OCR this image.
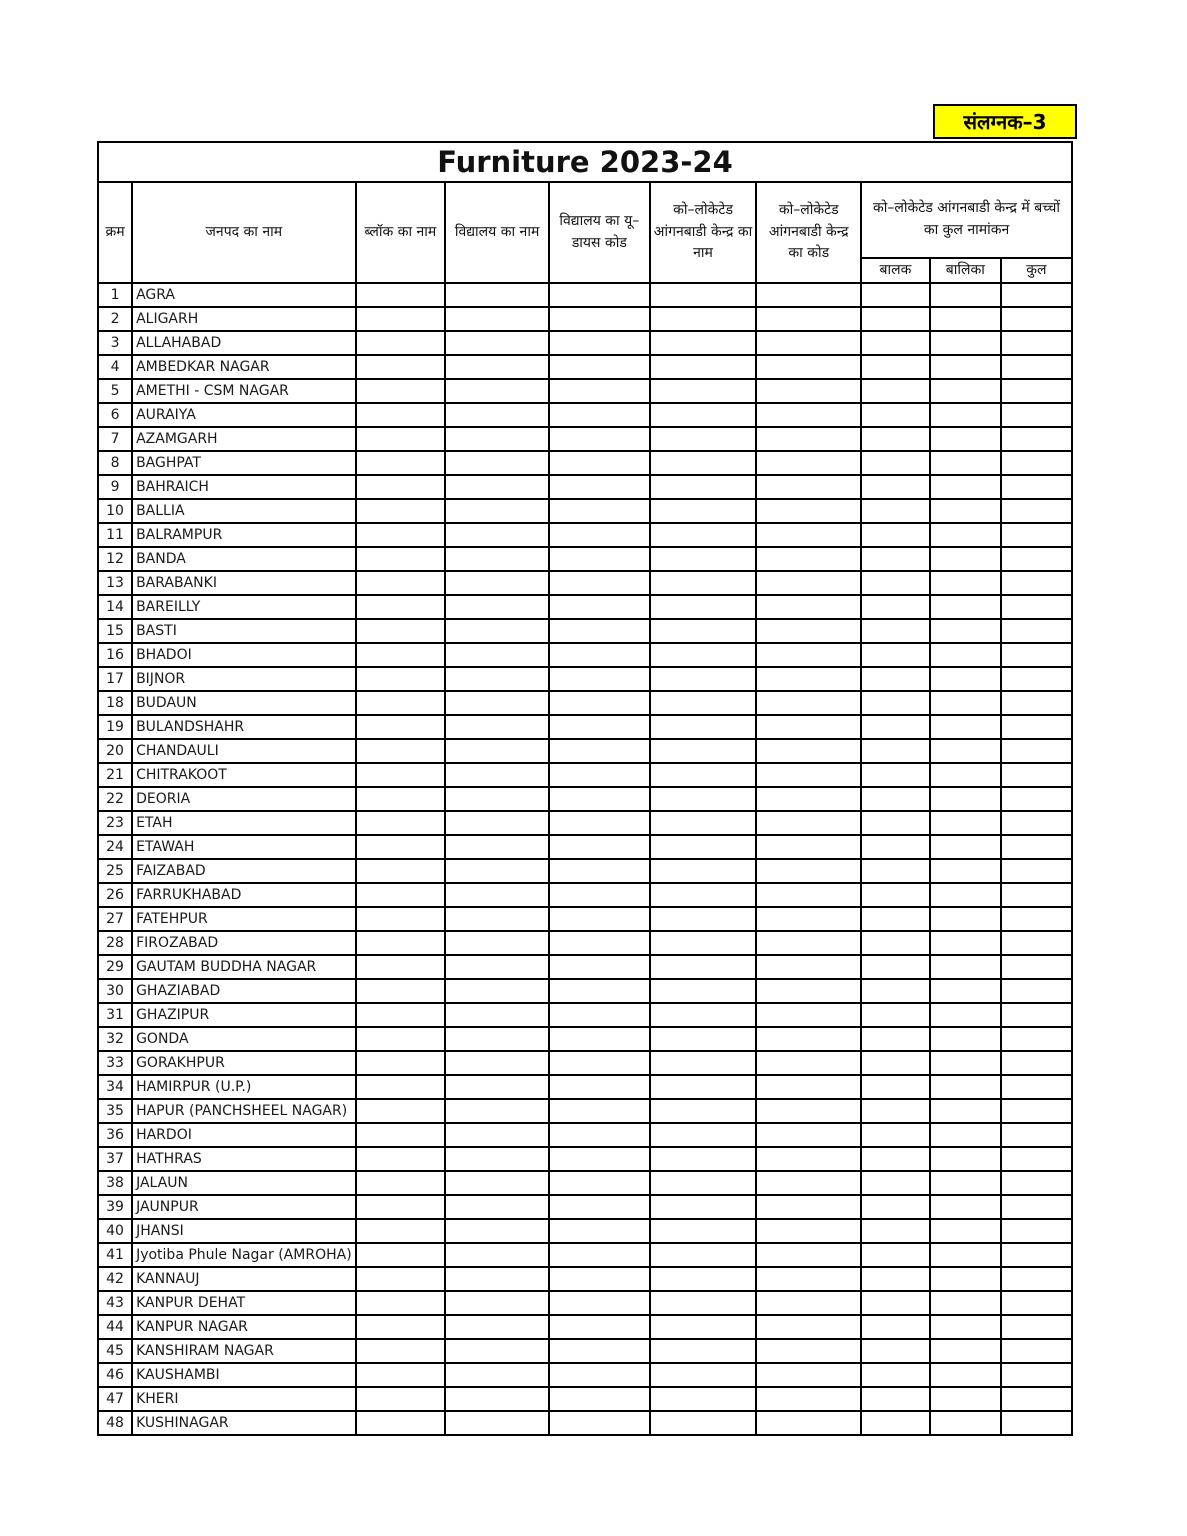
संलग्नक–3
Furniture 2023-24									
क्रम	जनपद का नाम	ब्लॉक का नाम	विद्यालय का नाम	विद्यालय का यू–डायस कोड	को–लोकेटेड आंगनबाडी केन्द्र का नाम	को–लोकेटेड आंगनबाडी केन्द्र का कोड	को–लोकेटेड आंगनबाडी केन्द्र में बच्चों का कुल नामांकन		
							बालक	बालिका	कुल
1	AGRA								
2	ALIGARH								
3	ALLAHABAD								
4	AMBEDKAR NAGAR								
5	AMETHI - CSM NAGAR								
6	AURAIYA								
7	AZAMGARH								
8	BAGHPAT								
9	BAHRAICH								
10	BALLIA								
11	BALRAMPUR								
12	BANDA								
13	BARABANKI								
14	BAREILLY								
15	BASTI								
16	BHADOI								
17	BIJNOR								
18	BUDAUN								
19	BULANDSHAHR								
20	CHANDAULI								
21	CHITRAKOOT								
22	DEORIA								
23	ETAH								
24	ETAWAH								
25	FAIZABAD								
26	FARRUKHABAD								
27	FATEHPUR								
28	FIROZABAD								
29	GAUTAM BUDDHA NAGAR								
30	GHAZIABAD								
31	GHAZIPUR								
32	GONDA								
33	GORAKHPUR								
34	HAMIRPUR (U.P.)								
35	HAPUR (PANCHSHEEL NAGAR)								
36	HARDOI								
37	HATHRAS								
38	JALAUN								
39	JAUNPUR								
40	JHANSI								
41	Jyotiba Phule Nagar (AMROHA)								
42	KANNAUJ								
43	KANPUR DEHAT								
44	KANPUR NAGAR								
45	KANSHIRAM NAGAR								
46	KAUSHAMBI								
47	KHERI								
48	KUSHINAGAR								
